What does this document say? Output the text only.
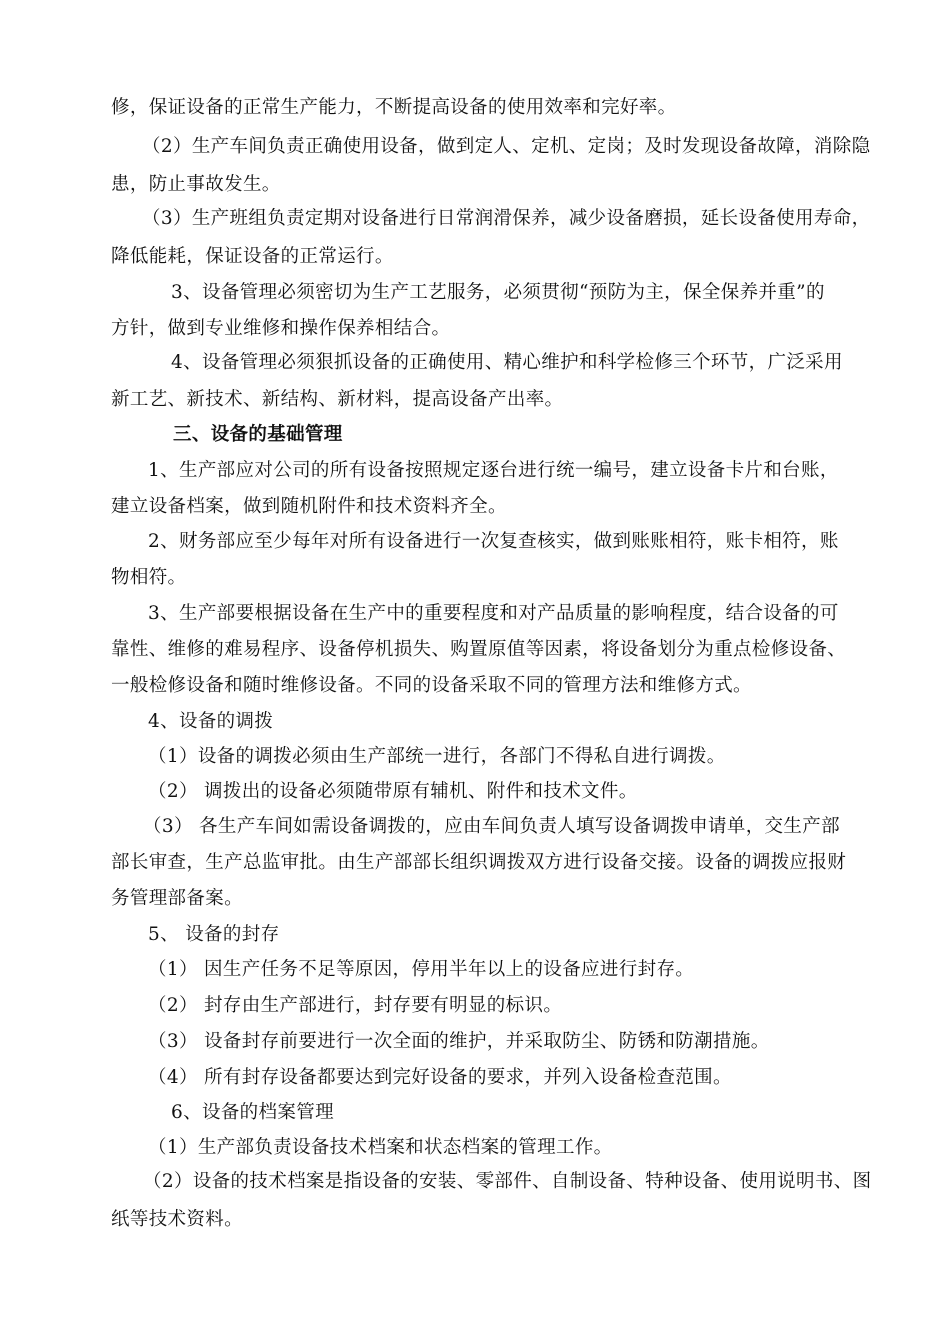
修，保证设备的正常生产能力，不断提高设备的使用效率和完好率。
（2）生产车间负责正确使用设备，做到定人、定机、定岗；及时发现设备故障，消除隐
患，防止事故发生。
（3）生产班组负责定期对设备进行日常润滑保养，减少设备磨损，延长设备使用寿命，
降低能耗，保证设备的正常运行。
3、设备管理必须密切为生产工艺服务，必须贯彻“预防为主，保全保养并重”的
方针，做到专业维修和操作保养相结合。
4、设备管理必须狠抓设备的正确使用、精心维护和科学检修三个环节，广泛采用
新工艺、新技术、新结构、新材料，提高设备产出率。
三、设备的基础管理
1、生产部应对公司的所有设备按照规定逐台进行统一编号，建立设备卡片和台账，
建立设备档案，做到随机附件和技术资料齐全。
2、财务部应至少每年对所有设备进行一次复查核实，做到账账相符，账卡相符，账
物相符。
3、生产部要根据设备在生产中的重要程度和对产品质量的影响程度，结合设备的可
靠性、维修的难易程序、设备停机损失、购置原值等因素，将设备划分为重点检修设备、
一般检修设备和随时维修设备。不同的设备采取不同的管理方法和维修方式。
4、设备的调拨
（1）设备的调拨必须由生产部统一进行，各部门不得私自进行调拨。
（2） 调拨出的设备必须随带原有辅机、附件和技术文件。
（3） 各生产车间如需设备调拨的，应由车间负责人填写设备调拨申请单，交生产部
部长审查，生产总监审批。由生产部部长组织调拨双方进行设备交接。设备的调拨应报财
务管理部备案。
5、 设备的封存
（1） 因生产任务不足等原因，停用半年以上的设备应进行封存。
（2） 封存由生产部进行，封存要有明显的标识。
（3） 设备封存前要进行一次全面的维护，并采取防尘、防锈和防潮措施。
（4） 所有封存设备都要达到完好设备的要求，并列入设备检查范围。
6、设备的档案管理
（1）生产部负责设备技术档案和状态档案的管理工作。
（2）设备的技术档案是指设备的安装、零部件、自制设备、特种设备、使用说明书、图
纸等技术资料。
